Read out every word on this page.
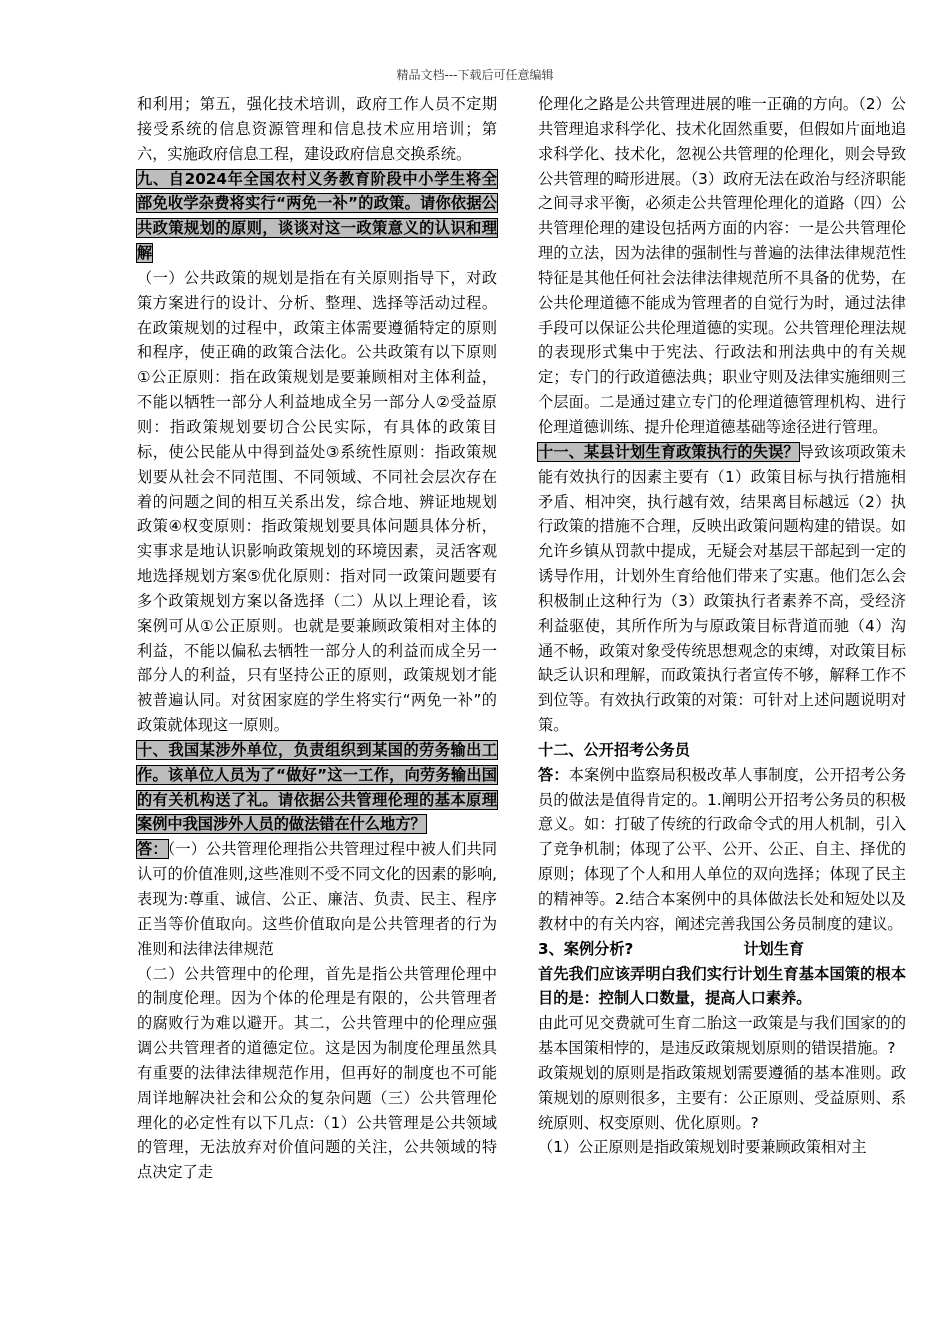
精品文档---下载后可任意编辑

和利用；第五，强化技术培训，政府工作人员不定期接受系统的信息资源管理和信息技术应用培训；第六，实施政府信息工程，建设政府信息交换系统。

九、自2024年全国农村义务教育阶段中小学生将全部免收学杂费将实行“两免一补”的政策。请你依据公共政策规划的原则，谈谈对这一政策意义的认识和理解

（一）公共政策的规划是指在有关原则指导下，对政策方案进行的设计、分析、整理、选择等活动过程。在政策规划的过程中，政策主体需要遵循特定的原则和程序，使正确的政策合法化。公共政策有以下原则①公正原则：指在政策规划是要兼顾相对主体利益，不能以牺牲一部分人利益地成全另一部分人②受益原则：指政策规划要切合公民实际，有具体的政策目标，使公民能从中得到益处③系统性原则：指政策规划要从社会不同范围、不同领域、不同社会层次存在着的问题之间的相互关系出发，综合地、辨证地规划政策④权变原则：指政策规划要具体问题具体分析，实事求是地认识影响政策规划的环境因素，灵活客观地选择规划方案⑤优化原则：指对同一政策问题要有多个政策规划方案以备选择（二）从以上理论看，该案例可从①公正原则。也就是要兼顾政策相对主体的利益，不能以偏私去牺牲一部分人的利益而成全另一部分人的利益，只有坚持公正的原则，政策规划才能被普遍认同。对贫困家庭的学生将实行“两免一补”的政策就体现这一原则。

十、我国某涉外单位，负责组织到某国的劳务输出工作。该单位人员为了“做好”这一工作，向劳务输出国的有关机构送了礼。请依据公共管理伦理的基本原理案例中我国涉外人员的做法错在什么地方？

答：（一）公共管理伦理指公共管理过程中被人们共同认可的价值准则,这些准则不受不同文化的因素的影响,表现为:尊重、诚信、公正、廉洁、负责、民主、程序正当等价值取向。这些价值取向是公共管理者的行为准则和法律法律规范

（二）公共管理中的伦理，首先是指公共管理伦理中的制度伦理。因为个体的伦理是有限的，公共管理者的腐败行为难以避开。其二，公共管理中的伦理应强调公共管理者的道德定位。这是因为制度伦理虽然具有重要的法律法律规范作用，但再好的制度也不可能周详地解决社会和公众的复杂问题（三）公共管理伦理化的必定性有以下几点:（1）公共管理是公共领域的管理，无法放弃对价值问题的关注，公共领域的特点决定了走

伦理化之路是公共管理进展的唯一正确的方向。（2）公共管理追求科学化、技术化固然重要，但假如片面地追求科学化、技术化，忽视公共管理的伦理化，则会导致公共管理的畸形进展。（3）政府无法在政治与经济职能之间寻求平衡，必须走公共管理伦理化的道路（四）公共管理伦理的建设包括两方面的内容：一是公共管理伦理的立法，因为法律的强制性与普遍的法律法律规范性特征是其他任何社会法律法律规范所不具备的优势，在公共伦理道德不能成为管理者的自觉行为时，通过法律手段可以保证公共伦理道德的实现。公共管理伦理法规的表现形式集中于宪法、行政法和刑法典中的有关规定；专门的行政道德法典；职业守则及法律实施细则三个层面。二是通过建立专门的伦理道德管理机构、进行伦理道德训练、提升伦理道德基础等途径进行管理。

十一、某县计划生育政策执行的失误？导致该项政策未能有效执行的因素主要有（1）政策目标与执行措施相矛盾、相冲突，执行越有效，结果离目标越远（2）执行政策的措施不合理，反映出政策问题构建的错误。如允许乡镇从罚款中提成，无疑会对基层干部起到一定的诱导作用，计划外生育给他们带来了实惠。他们怎么会积极制止这种行为（3）政策执行者素养不高，受经济利益驱使，其所作所为与原政策目标背道而驰（4）沟通不畅，政策对象受传统思想观念的束缚，对政策目标缺乏认识和理解，而政策执行者宣传不够，解释工作不到位等。有效执行政策的对策：可针对上述问题说明对策。

十二、公开招考公务员

答：本案例中监察局积极改革人事制度，公开招考公务员的做法是值得肯定的。1.阐明公开招考公务员的积极意义。如：打破了传统的行政命令式的用人机制，引入了竞争机制；体现了公平、公开、公正、自主、择优的原则；体现了个人和用人单位的双向选择；体现了民主的精神等。2.结合本案例中的具体做法长处和短处以及教材中的有关内容，阐述完善我国公务员制度的建议。

3、案例分析?	计划生育

首先我们应该弄明白我们实行计划生育基本国策的根本目的是：控制人口数量，提高人口素养。

由此可见交费就可生育二胎这一政策是与我们国家的的基本国策相悖的，是违反政策规划原则的错误措施。?

政策规划的原则是指政策规划需要遵循的基本准则。政策规划的原则很多，主要有：公正原则、受益原则、系统原则、权变原则、优化原则。?

（1）公正原则是指政策规划时要兼顾政策相对主
